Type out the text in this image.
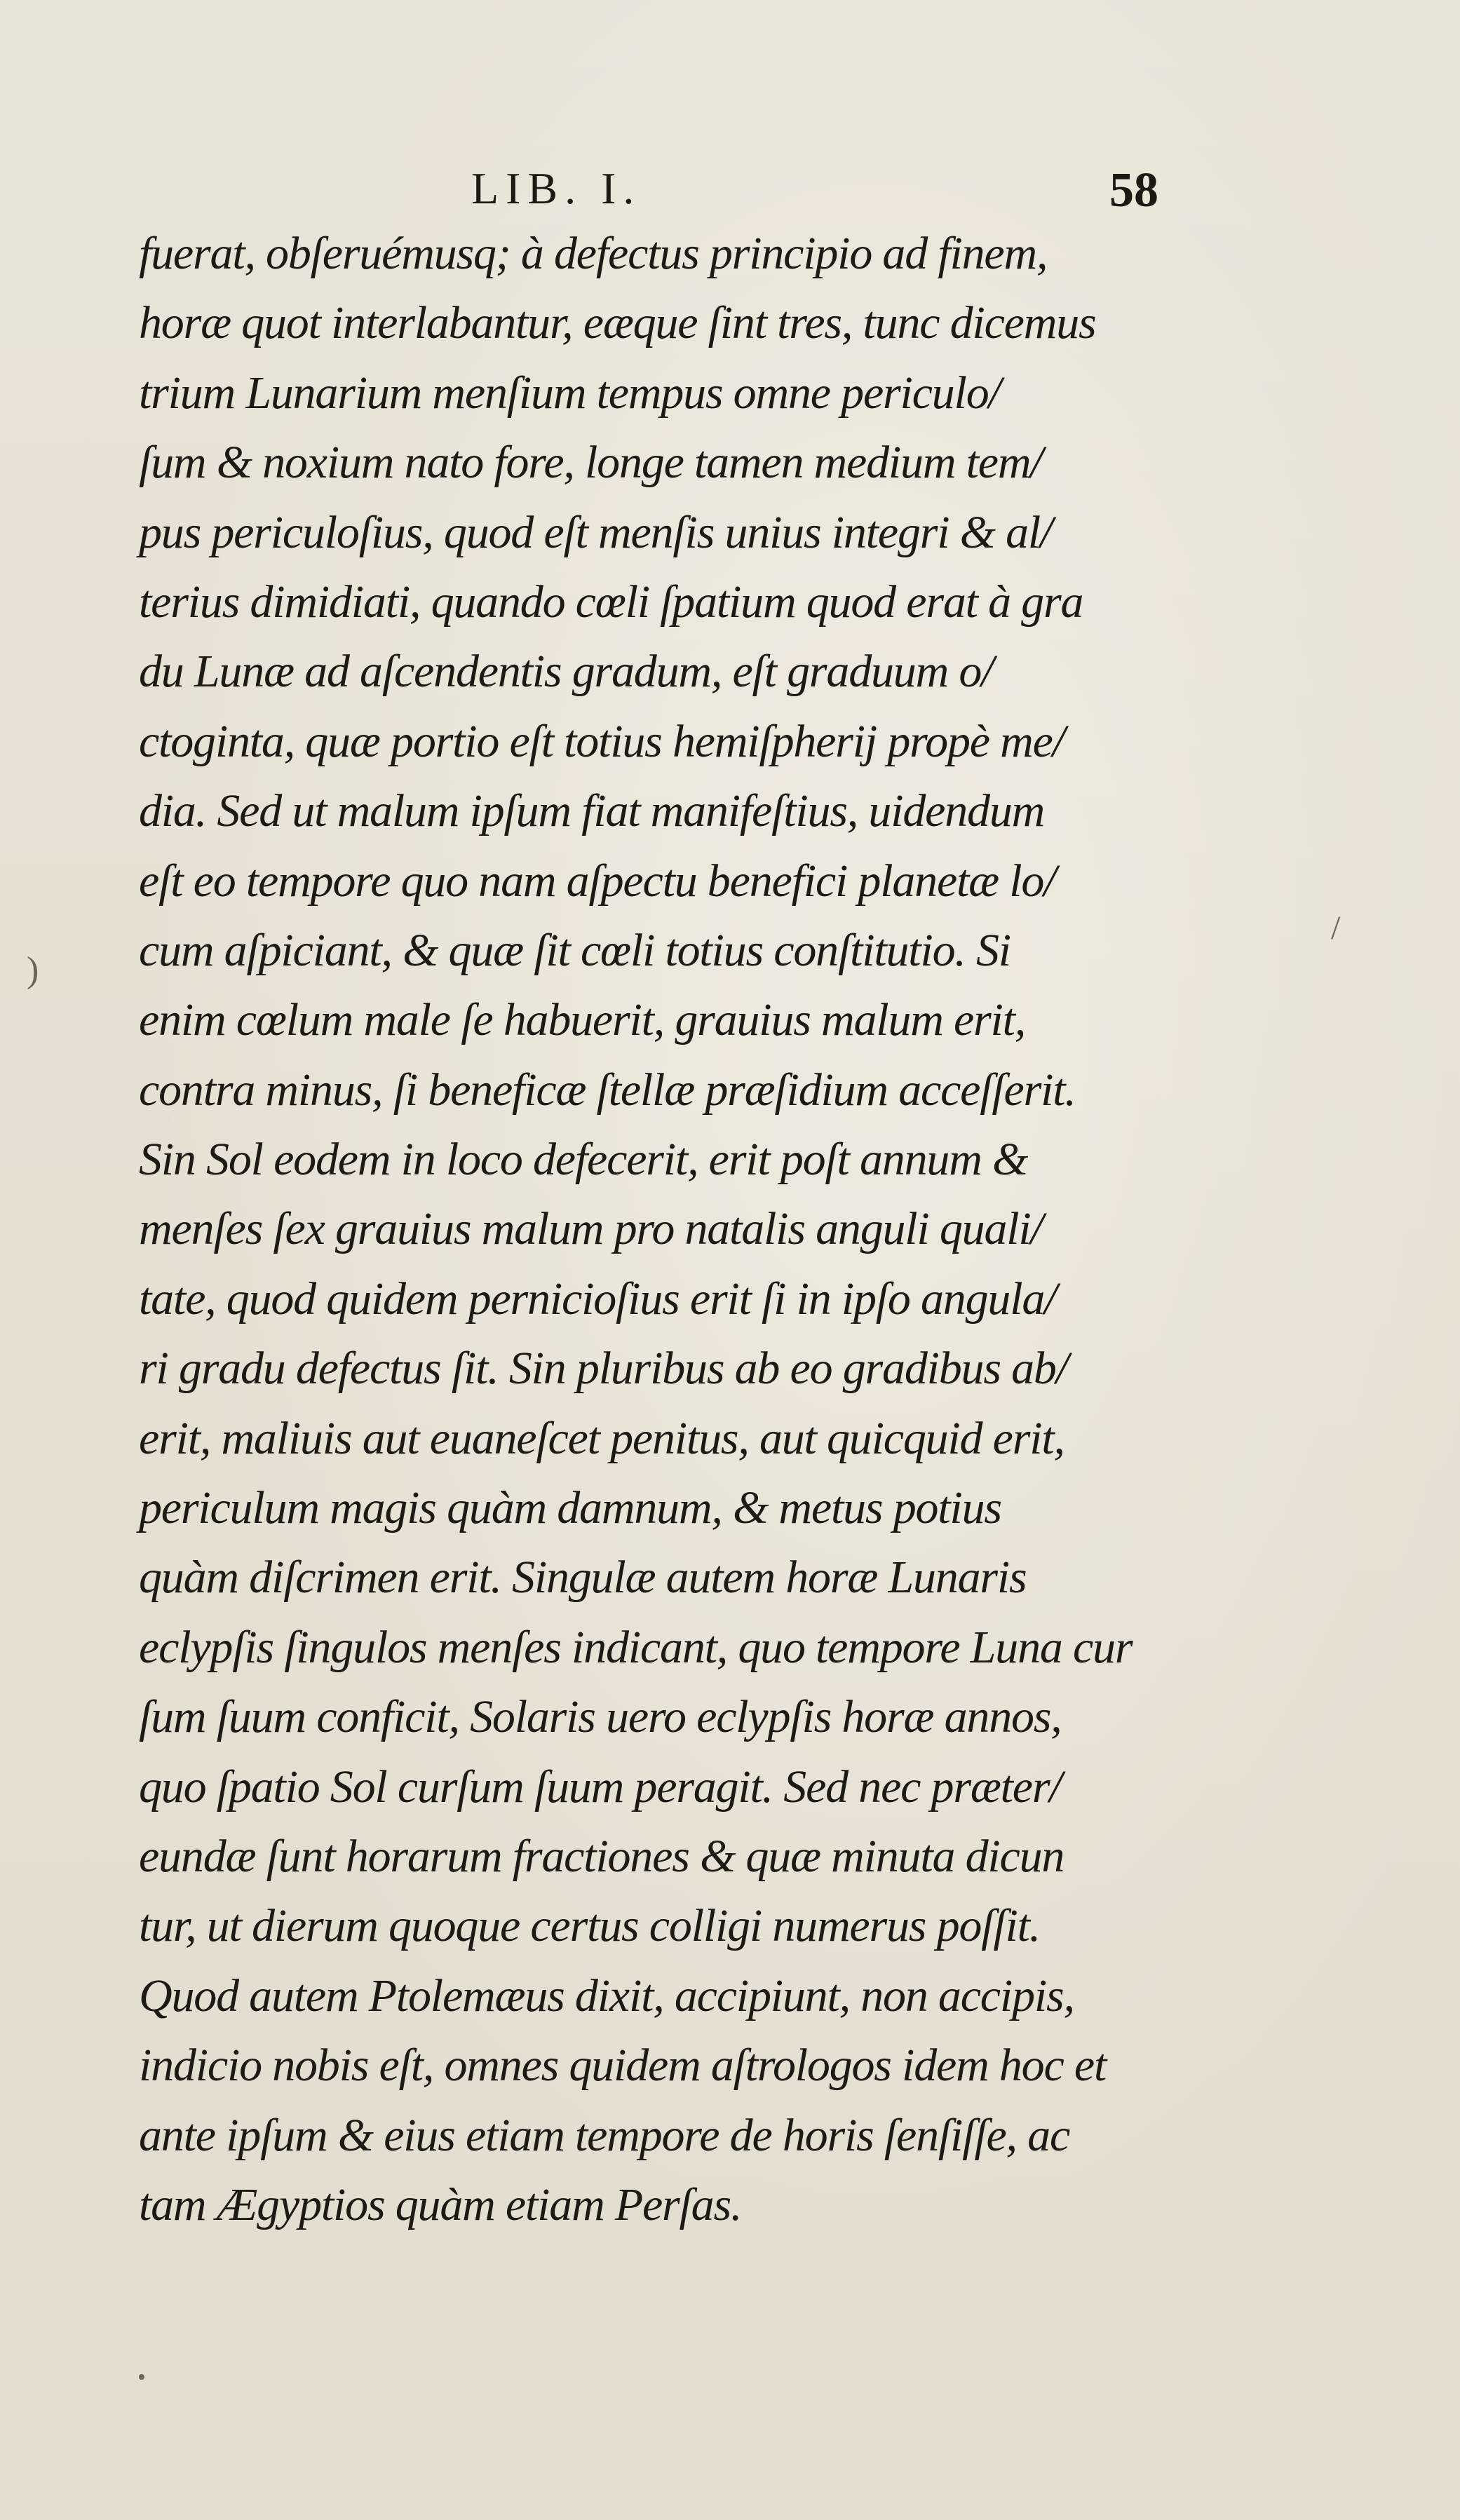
LIB. I.	58
fuerat, obſeruémusq; à defectus principio ad finem,
horæ quot interlabantur, eæque ſint tres, tunc dicemus
trium Lunarium menſium tempus omne periculo/
ſum & noxium nato fore, longe tamen medium tem/
pus periculoſius, quod eſt menſis unius integri & al/
terius dimidiati, quando cœli ſpatium quod erat à gra
du Lunæ ad aſcendentis gradum, eſt graduum o/
ctoginta, quæ portio eſt totius hemiſpherij propè me/
dia. Sed ut malum ipſum fiat manifeſtius, uidendum
eſt eo tempore quo nam aſpectu benefici planetæ lo/
cum aſpiciant, & quæ ſit cœli totius conſtitutio. Si
enim cœlum male ſe habuerit, grauius malum erit,
contra minus, ſi beneficæ ſtellæ præſidium acceſſerit.
Sin Sol eodem in loco defecerit, erit poſt annum &
menſes ſex grauius malum pro natalis anguli quali/
tate, quod quidem pernicioſius erit ſi in ipſo angula/
ri gradu defectus ſit. Sin pluribus ab eo gradibus ab/
erit, maliuis aut euaneſcet penitus, aut quicquid erit,
periculum magis quàm damnum, & metus potius
quàm diſcrimen erit. Singulæ autem horæ Lunaris
eclypſis ſingulos menſes indicant, quo tempore Luna cur
ſum ſuum conficit, Solaris uero eclypſis horæ annos,
quo ſpatio Sol curſum ſuum peragit. Sed nec præter/
eundæ ſunt horarum fractiones & quæ minuta dicun
tur, ut dierum quoque certus colligi numerus poſſit.
Quod autem Ptolemæus dixit, accipiunt, non accipis,
indicio nobis eſt, omnes quidem aſtrologos idem hoc et
ante ipſum & eius etiam tempore de horis ſenſiſſe, ac
tam Ægyptios quàm etiam Perſas.
)
/
•
